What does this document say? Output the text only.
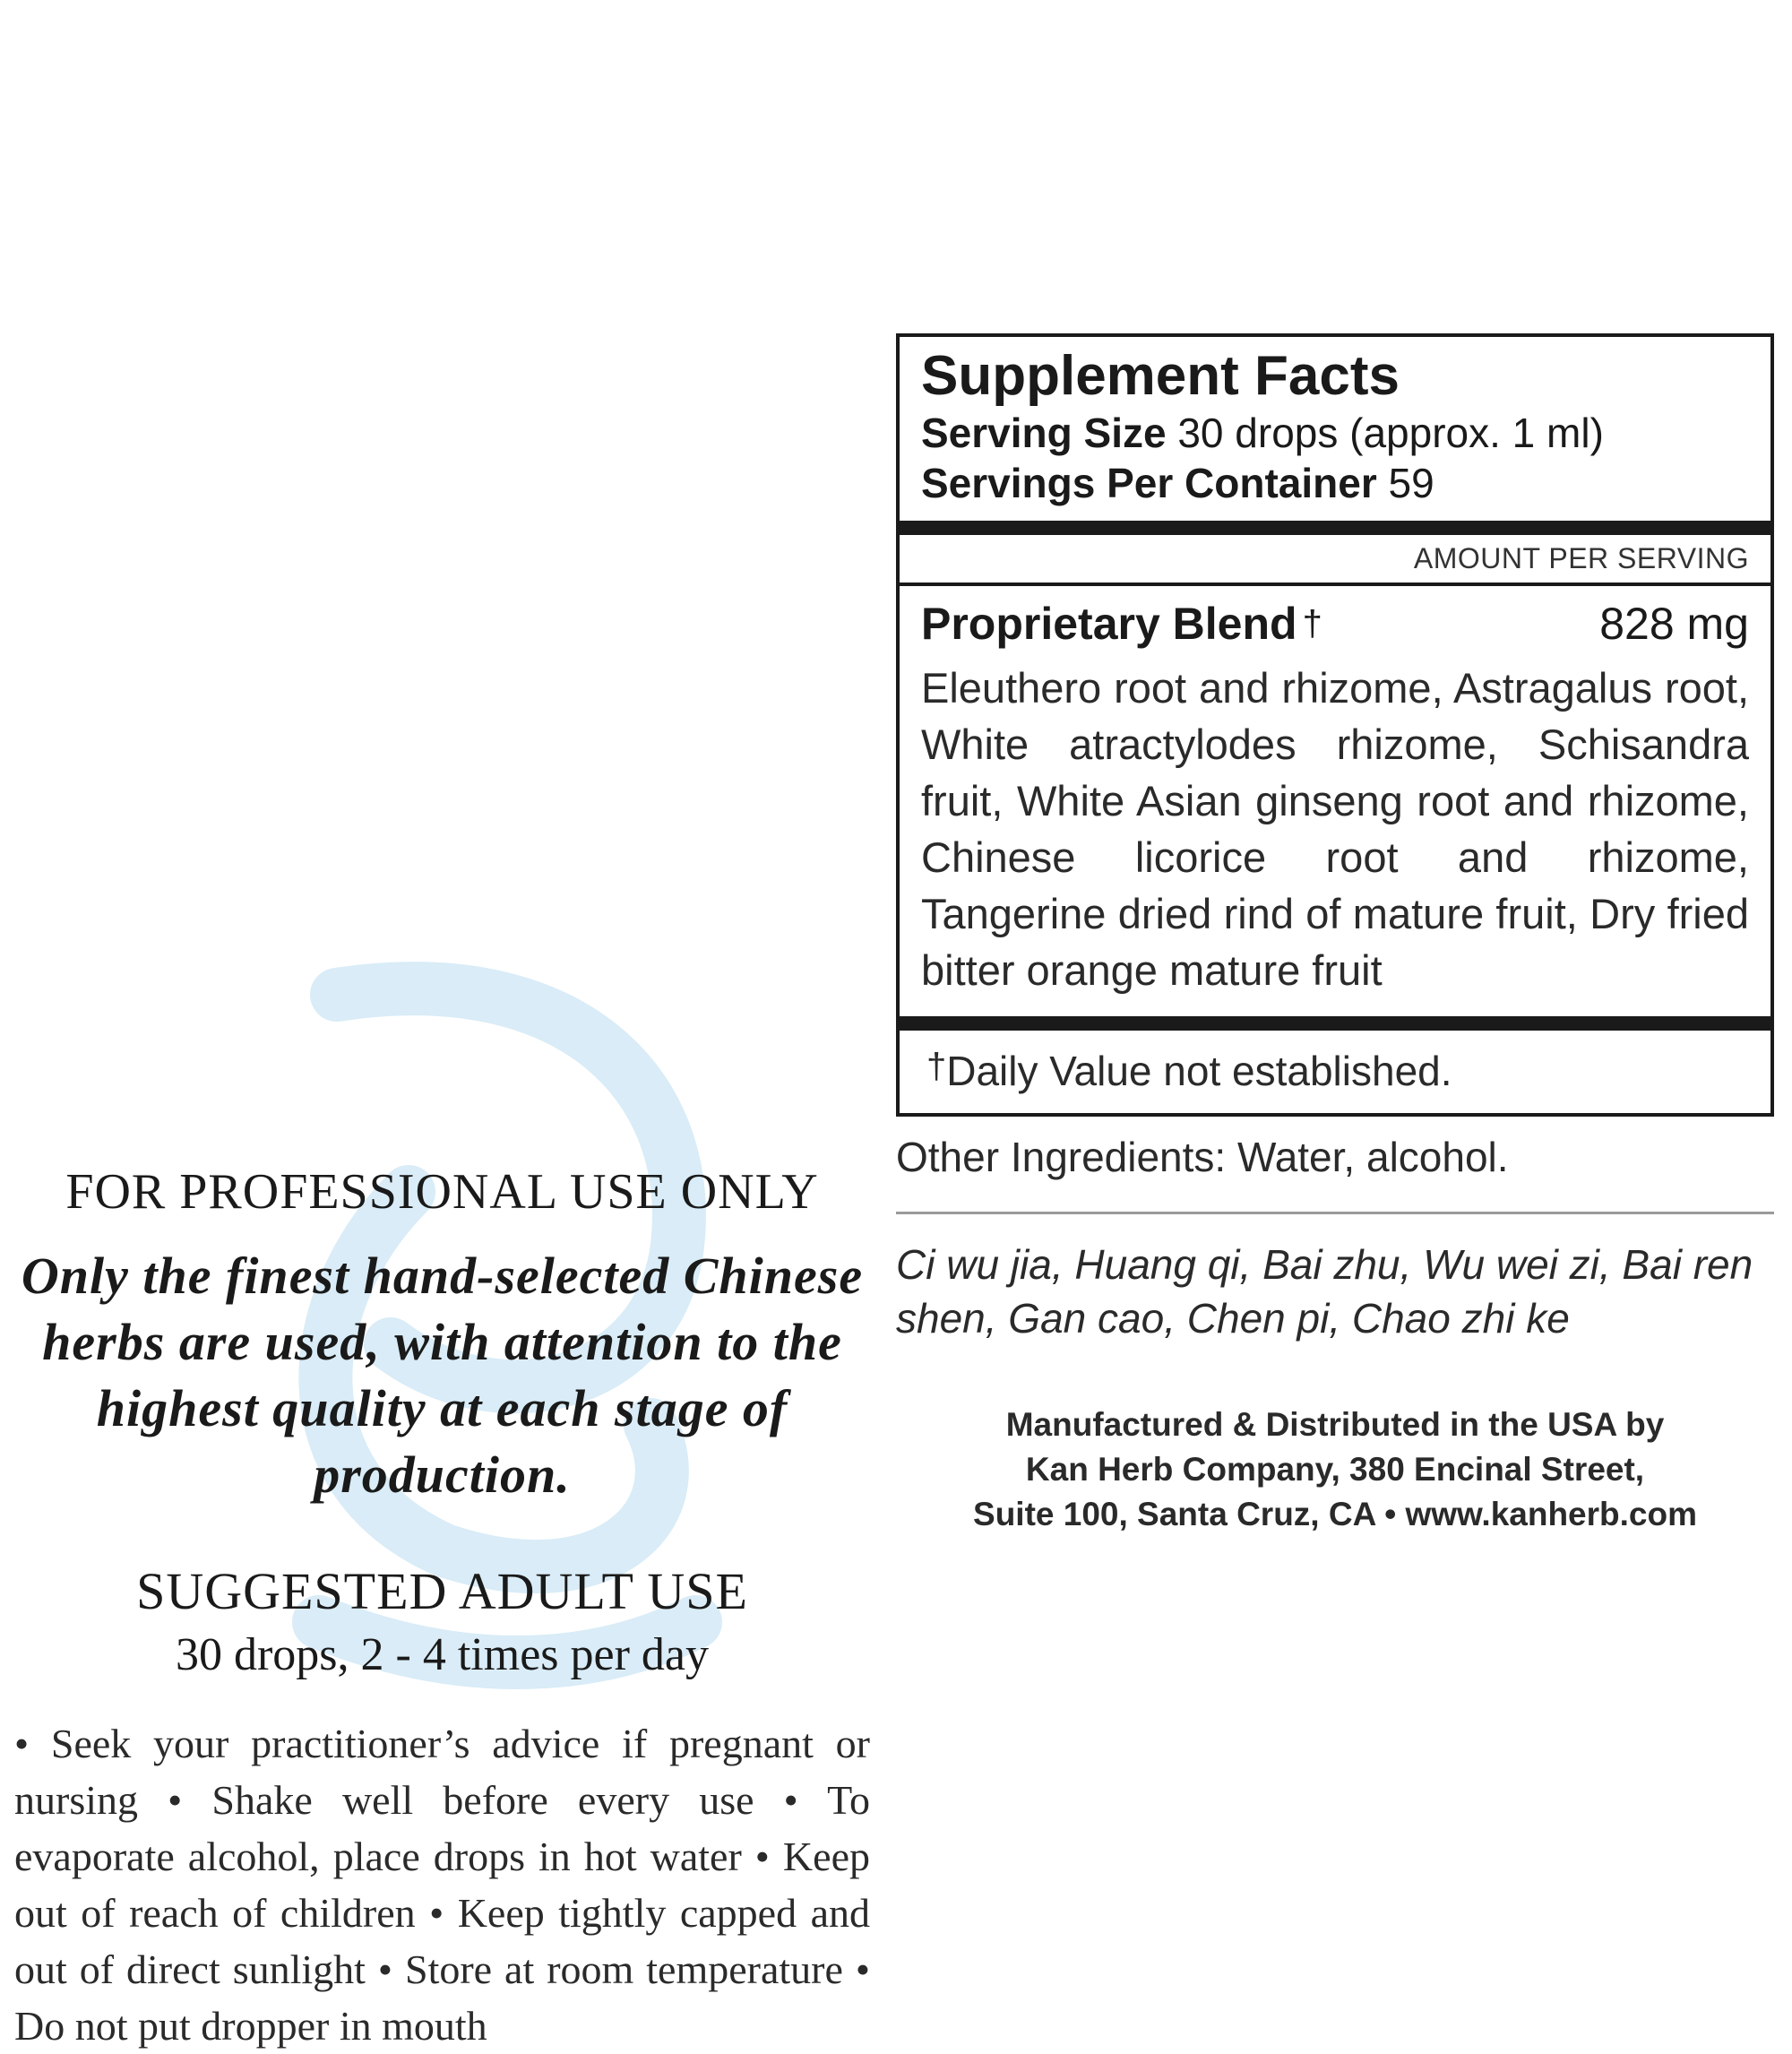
FOR PROFESSIONAL USE ONLY

Only the finest hand-selected Chinese herbs are used, with attention to the highest quality at each stage of production.

SUGGESTED ADULT USE

30 drops, 2 - 4 times per day

• Seek your practitioner’s advice if pregnant or nursing • Shake well before every use • To evaporate alcohol, place drops in hot water • Keep out of reach of children • Keep tightly capped and out of direct sunlight • Store at room temperature • Do not put dropper in mouth

Supplement Facts

Serving Size 30 drops (approx. 1 ml)
Servings Per Container 59
AMOUNT PER SERVING
Proprietary Blend †	828 mg
Eleuthero root and rhizome, Astragalus root, White atractylodes rhizome, Schisandra fruit, White Asian ginseng root and rhizome, Chinese licorice root and rhizome, Tangerine dried rind of mature fruit, Dry fried bitter orange mature fruit
†Daily Value not established.

Other Ingredients: Water, alcohol.

Ci wu jia, Huang qi, Bai zhu, Wu wei zi, Bai ren shen, Gan cao, Chen pi, Chao zhi ke

Manufactured & Distributed in the USA by
Kan Herb Company, 380 Encinal Street,
Suite 100, Santa Cruz, CA • www.kanherb.com
